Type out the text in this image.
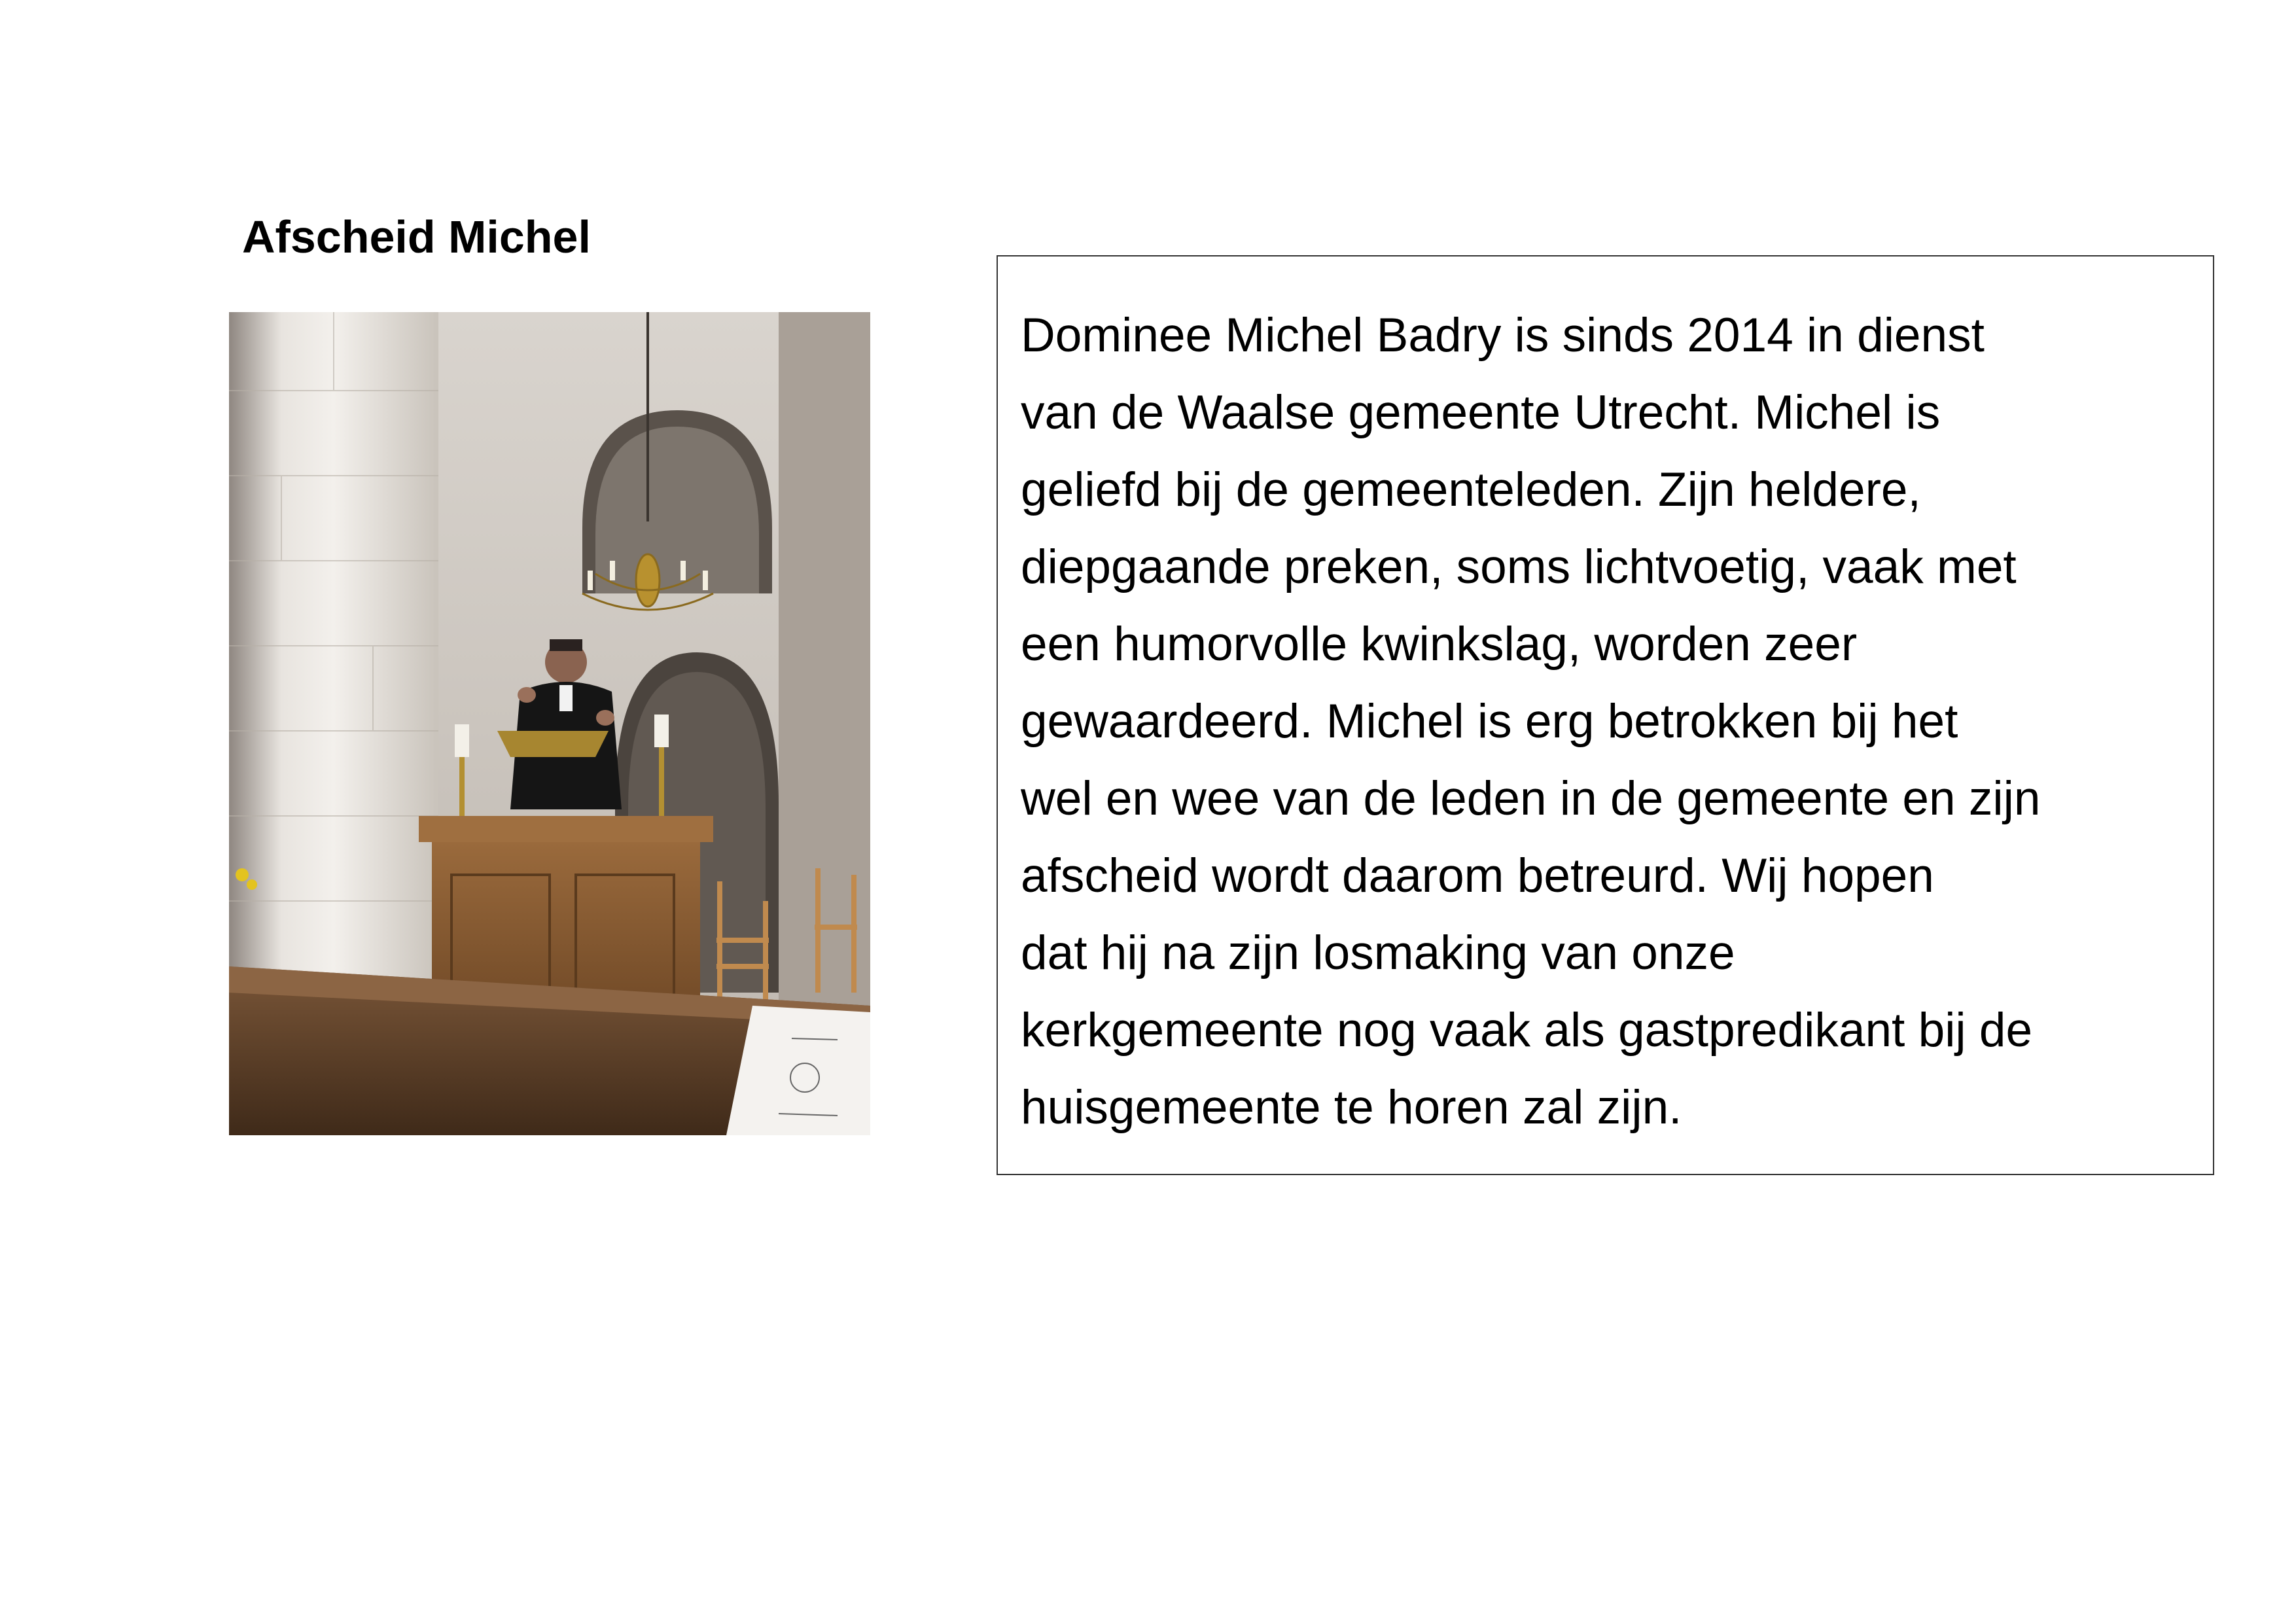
Afscheid Michel

Dominee Michel Badry is sinds 2014 in dienst
van de Waalse gemeente Utrecht. Michel is
geliefd bij de gemeenteleden. Zijn heldere,
diepgaande preken, soms lichtvoetig, vaak met
een humorvolle kwinkslag, worden zeer
gewaardeerd. Michel is erg betrokken bij het
wel en wee van de leden in de gemeente en zijn
afscheid wordt daarom betreurd. Wij hopen
dat hij na zijn losmaking van onze
kerkgemeente nog vaak als gastpredikant bij de
huisgemeente te horen zal zijn.
